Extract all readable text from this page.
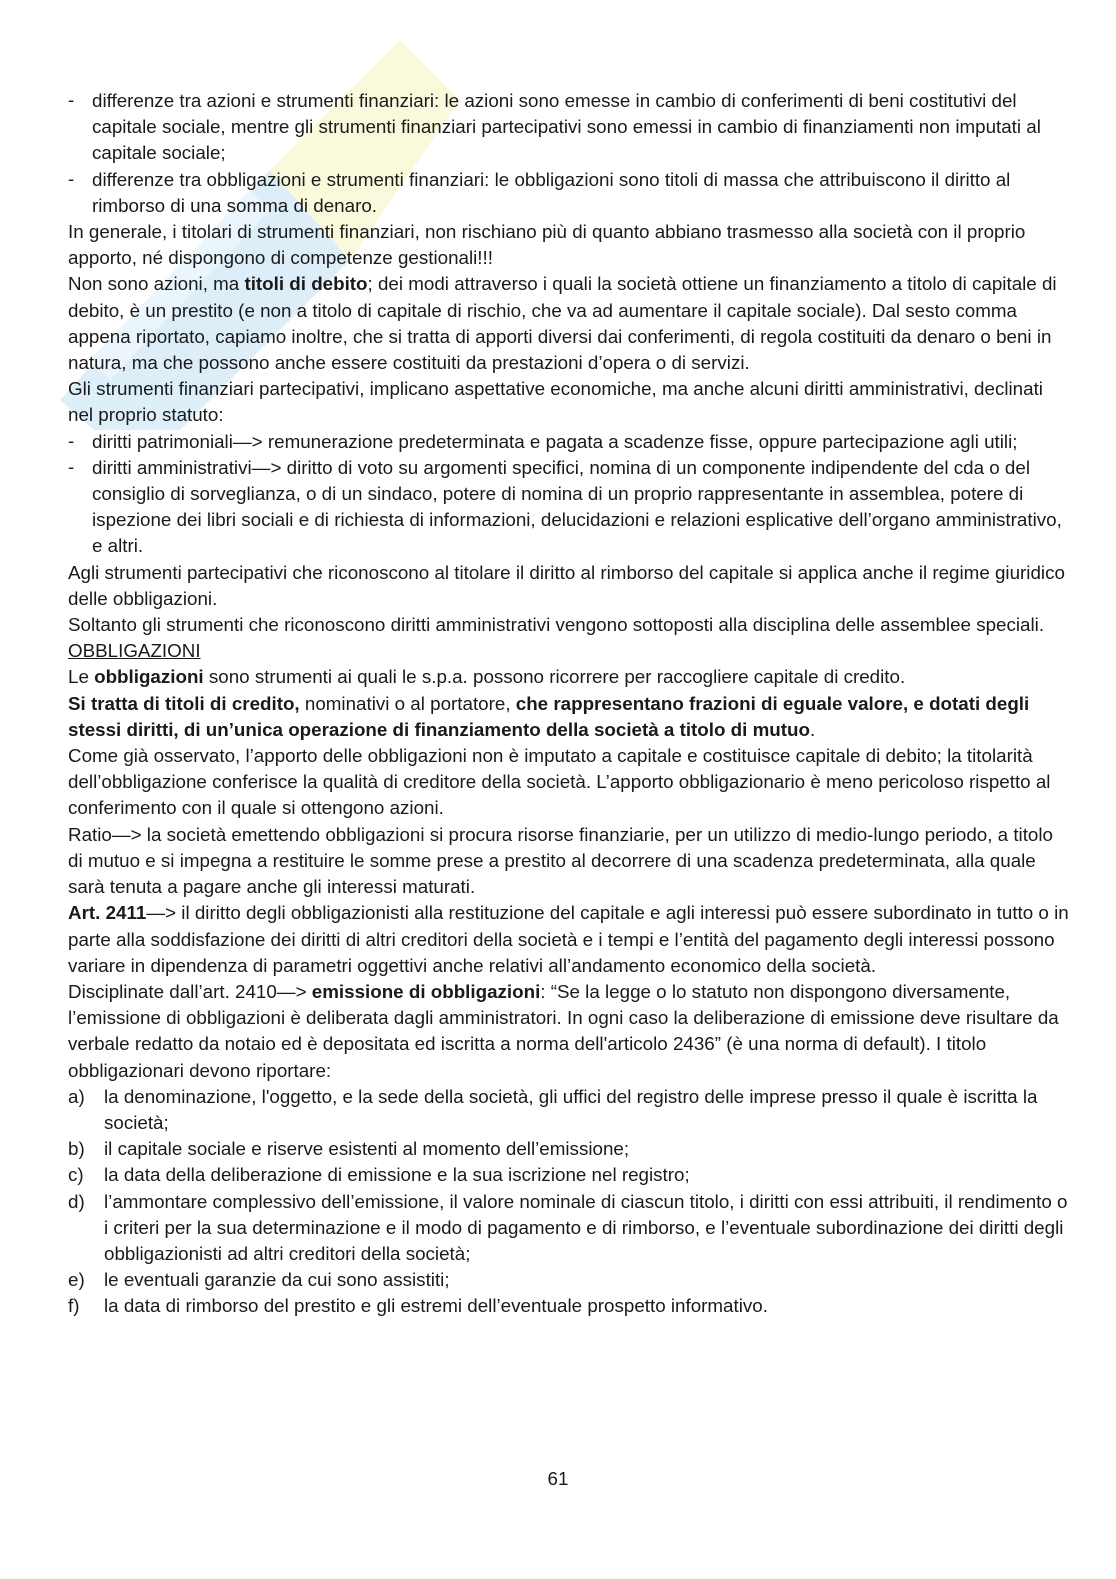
- differenze tra azioni e strumenti finanziari: le azioni sono emesse in cambio di conferimenti di beni costitutivi del capitale sociale, mentre gli strumenti finanziari partecipativi sono emessi in cambio di finanziamenti non imputati al capitale sociale;

- differenze tra obbligazioni e strumenti finanziari: le obbligazioni sono titoli di massa che attribuiscono il diritto al rimborso di una somma di denaro.

In generale, i titolari di strumenti finanziari, non rischiano più di quanto abbiano trasmesso alla società con il proprio apporto, né dispongono di competenze gestionali!!!

Non sono azioni, ma titoli di debito; dei modi attraverso i quali la società ottiene un finanziamento a titolo di capitale di debito, è un prestito (e non a titolo di capitale di rischio, che va ad aumentare il capitale sociale). Dal sesto comma appena riportato, capiamo inoltre, che si tratta di apporti diversi dai conferimenti, di regola costituiti da denaro o beni in natura, ma che possono anche essere costituiti da prestazioni d’opera o di servizi.

Gli strumenti finanziari partecipativi, implicano aspettative economiche, ma anche alcuni diritti amministrativi, declinati nel proprio statuto:

- diritti patrimoniali—> remunerazione predeterminata e pagata a scadenze fisse, oppure partecipazione agli utili;

- diritti amministrativi—> diritto di voto su argomenti specifici, nomina di un componente indipendente del cda o del consiglio di sorveglianza, o di un sindaco, potere di nomina di un proprio rappresentante in assemblea, potere di ispezione dei libri sociali e di richiesta di informazioni, delucidazioni e relazioni esplicative dell’organo amministrativo, e altri.

Agli strumenti partecipativi che riconoscono al titolare il diritto al rimborso del capitale si applica anche il regime giuridico delle obbligazioni.

Soltanto gli strumenti che riconoscono diritti amministrativi vengono sottoposti alla disciplina delle assemblee speciali.

OBBLIGAZIONI

Le obbligazioni sono strumenti ai quali le s.p.a. possono ricorrere per raccogliere capitale di credito.

Si tratta di titoli di credito, nominativi o al portatore, che rappresentano frazioni di eguale valore, e dotati degli stessi diritti, di un’unica operazione di finanziamento della società a titolo di mutuo.

Come già osservato, l’apporto delle obbligazioni non è imputato a capitale e costituisce capitale di debito; la titolarità dell’obbligazione conferisce la qualità di creditore della società. L’apporto obbligazionario è meno pericoloso rispetto al conferimento con il quale si ottengono azioni.

Ratio—> la società emettendo obbligazioni si procura risorse finanziarie, per un utilizzo di medio-lungo periodo, a titolo di mutuo e si impegna a restituire le somme prese a prestito al decorrere di una scadenza predeterminata, alla quale sarà tenuta a pagare anche gli interessi maturati.

Art. 2411—> il diritto degli obbligazionisti alla restituzione del capitale e agli interessi può essere subordinato in tutto o in parte alla soddisfazione dei diritti di altri creditori della società e i tempi e l’entità del pagamento degli interessi possono variare in dipendenza di parametri oggettivi anche relativi all’andamento economico della società.

Disciplinate dall’art. 2410—> emissione di obbligazioni: “Se la legge o lo statuto non dispongono diversamente, l’emissione di obbligazioni è deliberata dagli amministratori. In ogni caso la deliberazione di emissione deve risultare da verbale redatto da notaio ed è depositata ed iscritta a norma dell'articolo 2436” (è una norma di default). I titolo obbligazionari devono riportare:

a) la denominazione, l'oggetto, e la sede della società, gli uffici del registro delle imprese presso il quale è iscritta la società;

b) il capitale sociale e riserve esistenti al momento dell’emissione;

c) la data della deliberazione di emissione e la sua iscrizione nel registro;

d) l’ammontare complessivo dell’emissione, il valore nominale di ciascun titolo, i diritti con essi attribuiti, il rendimento o i criteri per la sua determinazione e il modo di pagamento e di rimborso, e l’eventuale subordinazione dei diritti degli obbligazionisti ad altri creditori della società;

e) le eventuali garanzie da cui sono assistiti;

f) la data di rimborso del prestito e gli estremi dell’eventuale prospetto informativo.

61
